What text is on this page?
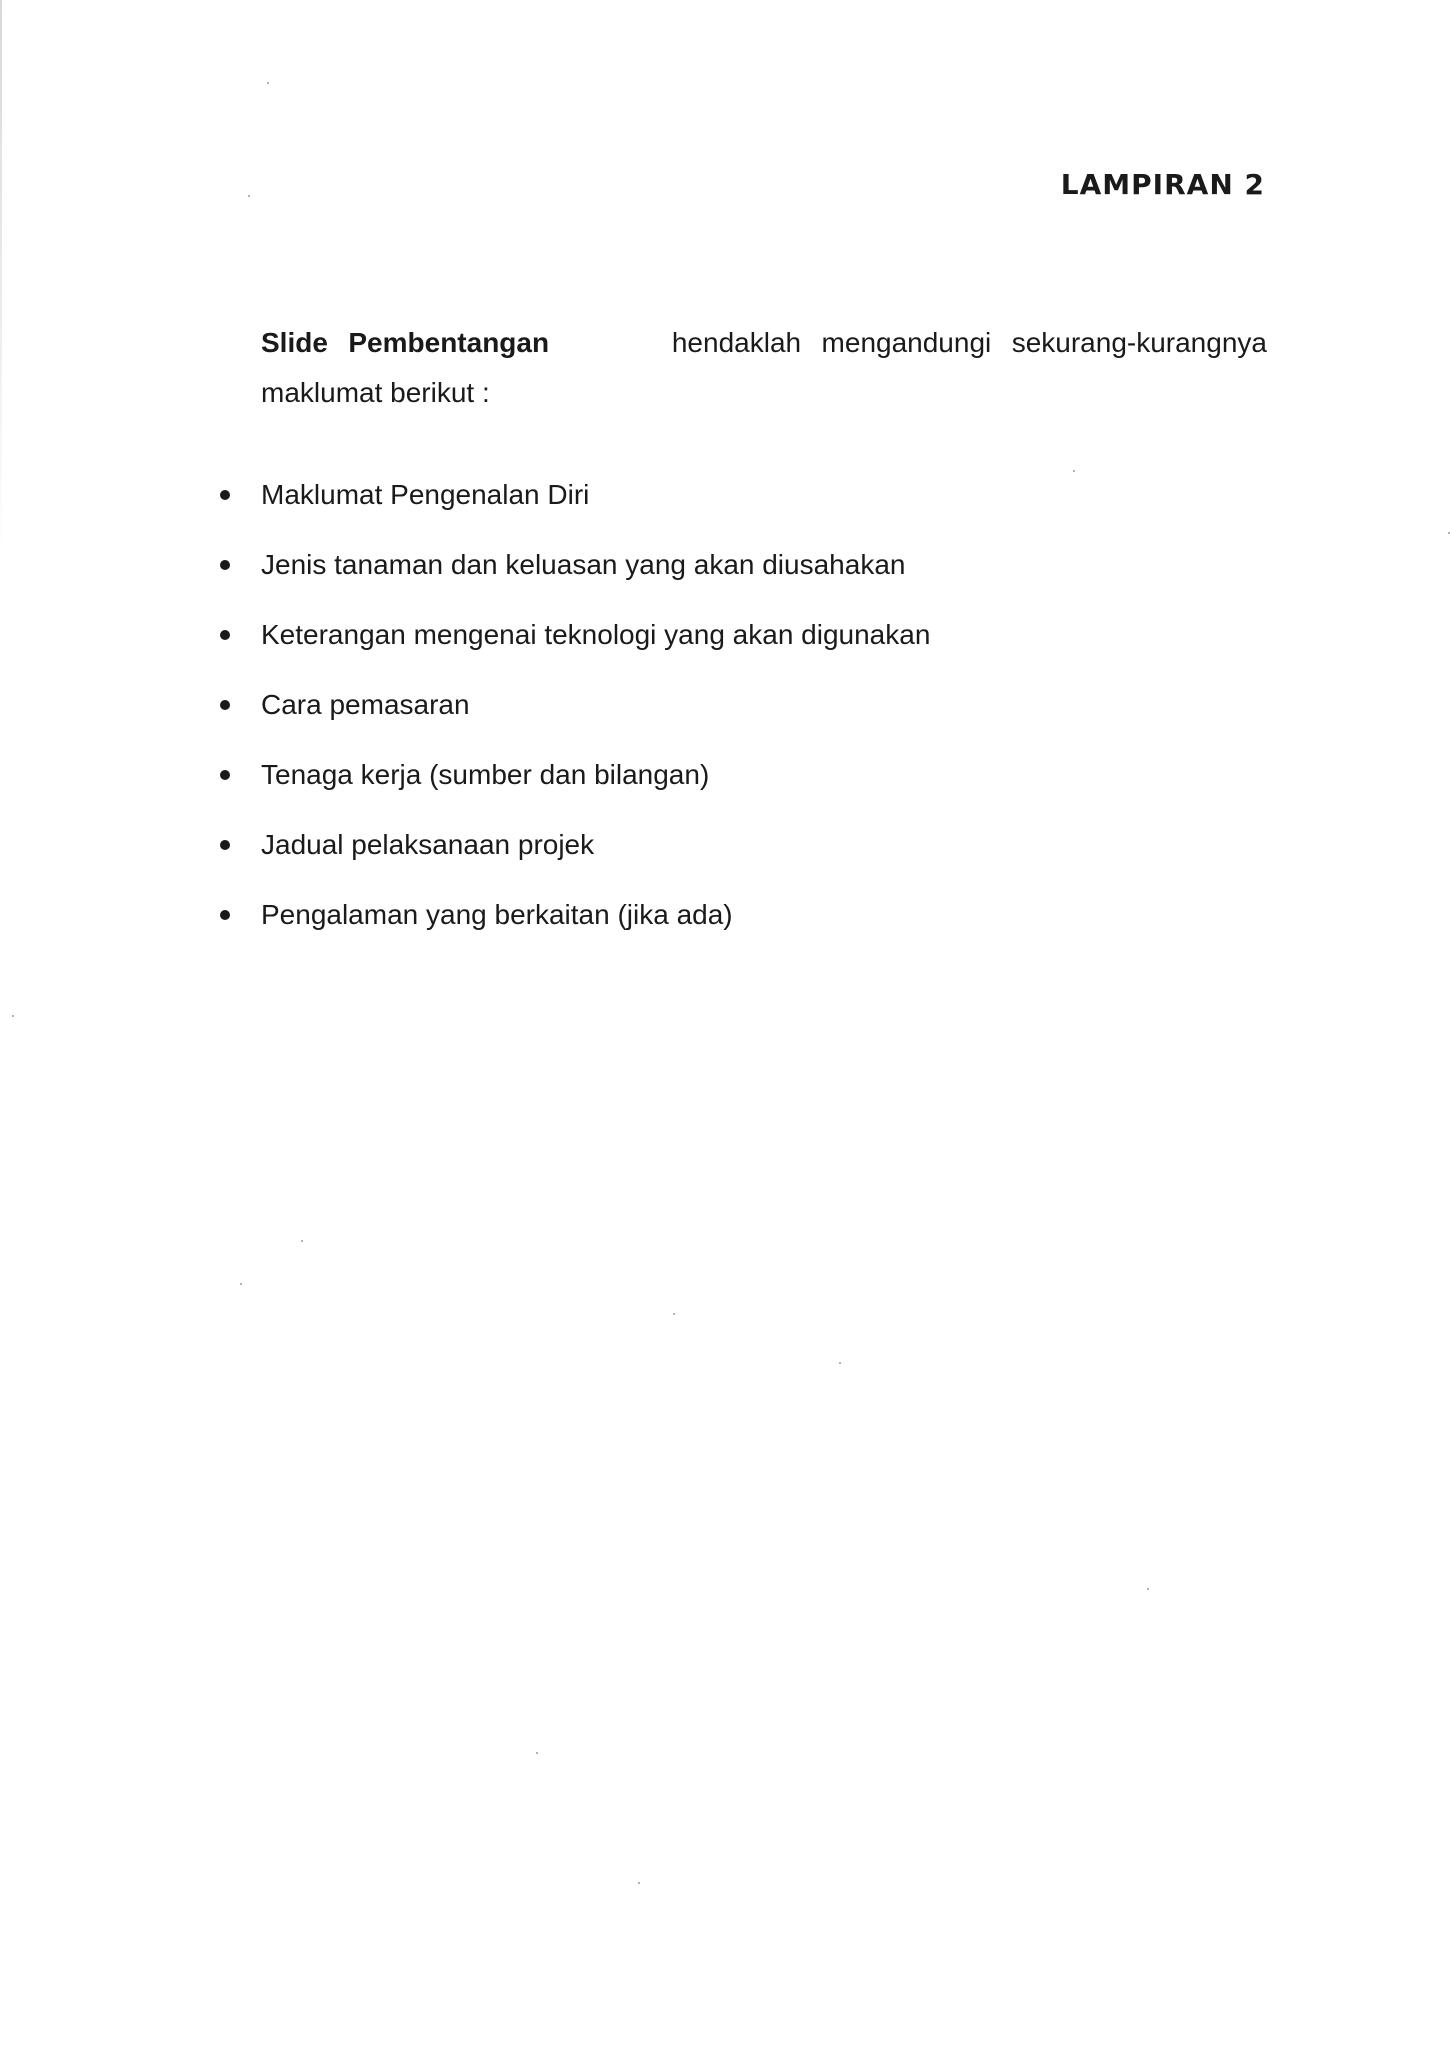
LAMPIRAN 2

Slide Pembentangan	hendaklah mengandungi sekurang-kurangnya maklumat berikut :

Maklumat Pengenalan Diri
Jenis tanaman dan keluasan yang akan diusahakan
Keterangan mengenai teknologi yang akan digunakan
Cara pemasaran
Tenaga kerja (sumber dan bilangan)
Jadual pelaksanaan projek
Pengalaman yang berkaitan (jika ada)
